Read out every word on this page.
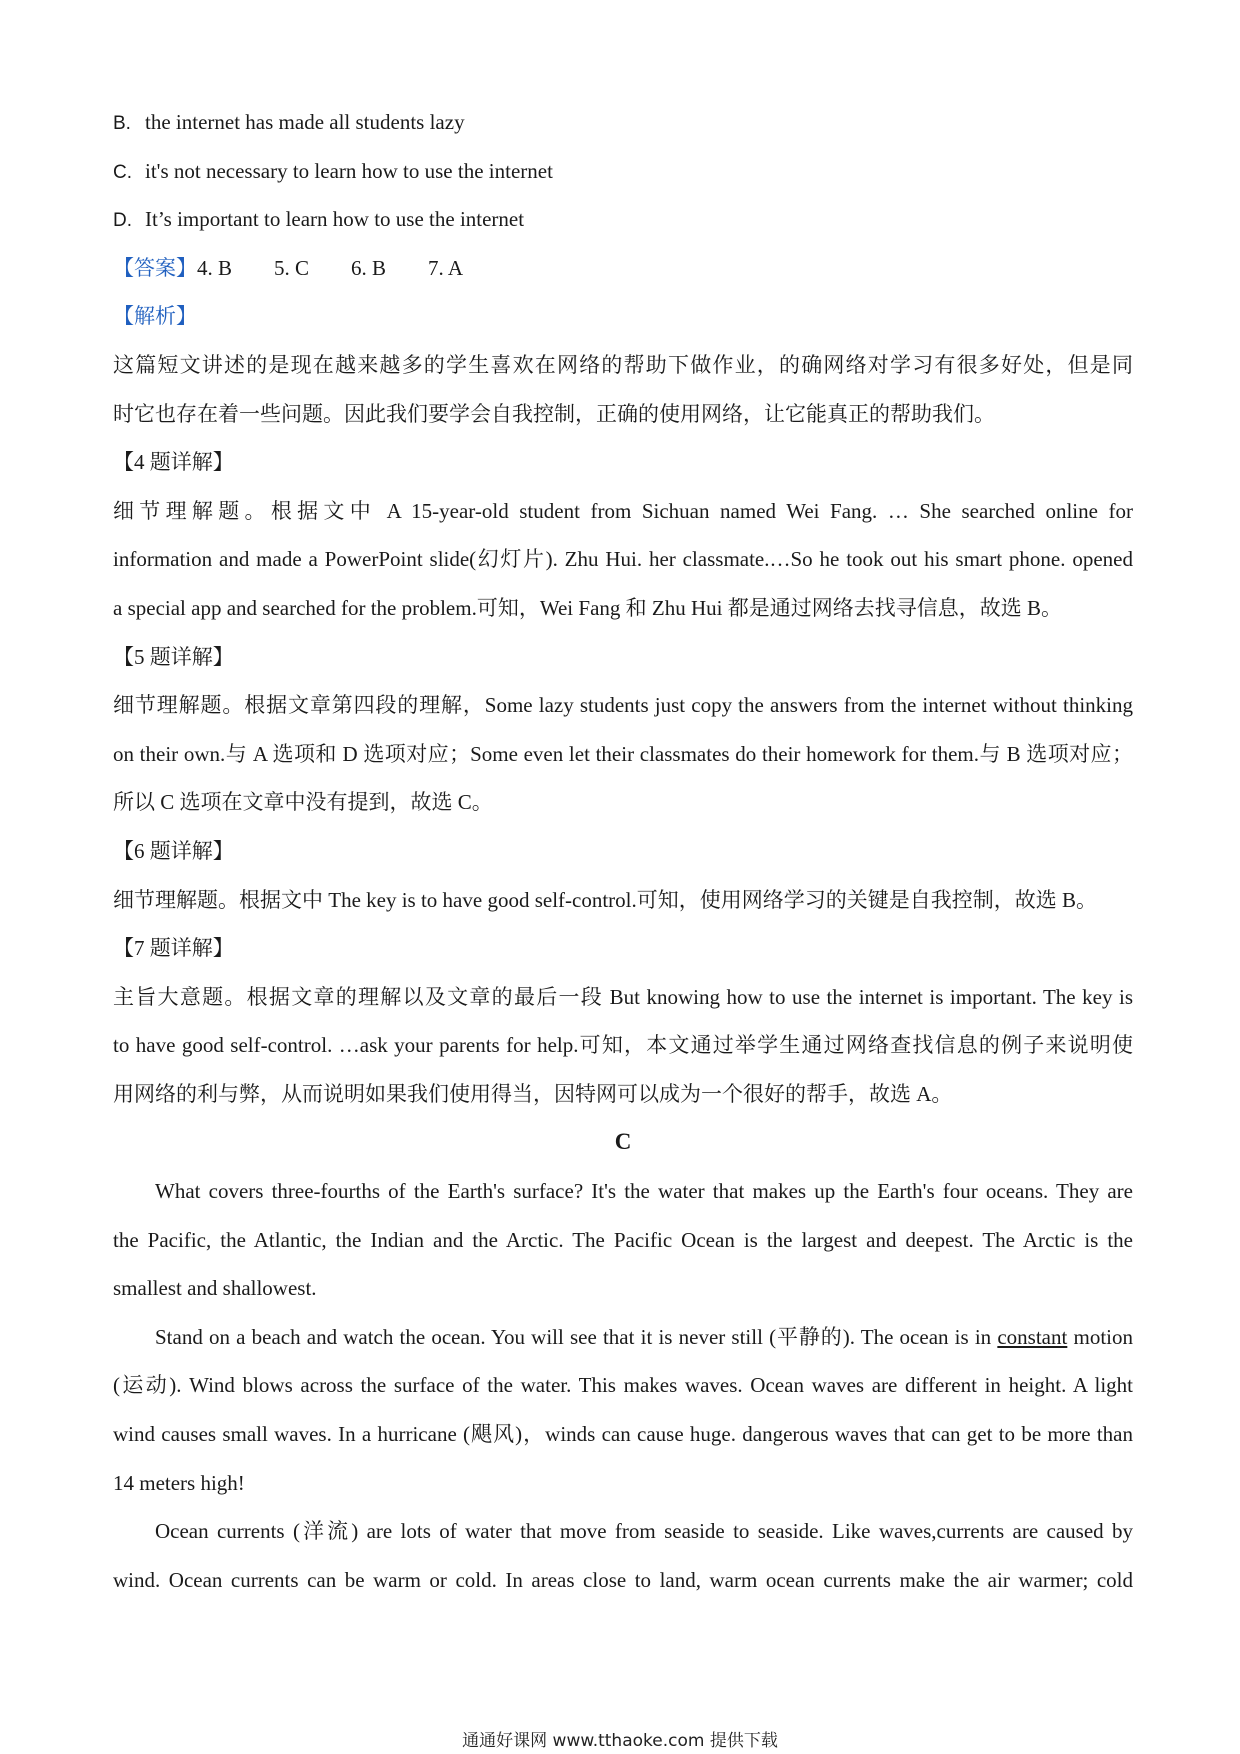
B. the internet has made all students lazy
C. it's not necessary to learn how to use the internet
D. It’s important to learn how to use the internet
【答案】4. B 5. C 6. B 7. A
【解析】
这篇短文讲述的是现在越来越多的学生喜欢在网络的帮助下做作业，的确网络对学习有很多好处，但是同
时它也存在着一些问题。因此我们要学会自我控制，正确的使用网络，让它能真正的帮助我们。
【4 题详解】
细节理解题。根据文中 A 15-year-old student from Sichuan named Wei Fang. … She searched online for
information and made a PowerPoint slide(幻灯片). Zhu Hui. her classmate.…So he took out his smart phone. opened
a special app and searched for the problem.可知，Wei Fang 和 Zhu Hui 都是通过网络去找寻信息，故选 B。
【5 题详解】
细节理解题。根据文章第四段的理解，Some lazy students just copy the answers from the internet without thinking
on their own.与 A 选项和 D 选项对应；Some even let their classmates do their homework for them.与 B 选项对应；
所以 C 选项在文章中没有提到，故选 C。
【6 题详解】
细节理解题。根据文中 The key is to have good self-control.可知，使用网络学习的关键是自我控制，故选 B。
【7 题详解】
主旨大意题。根据文章的理解以及文章的最后一段 But knowing how to use the internet is important. The key is
to have good self-control. …ask your parents for help.可知，本文通过举学生通过网络查找信息的例子来说明使
用网络的利与弊，从而说明如果我们使用得当，因特网可以成为一个很好的帮手，故选 A。
C
What covers three-fourths of the Earth's surface? It's the water that makes up the Earth's four oceans. They are
the Pacific, the Atlantic, the Indian and the Arctic. The Pacific Ocean is the largest and deepest. The Arctic is the
smallest and shallowest.
Stand on a beach and watch the ocean. You will see that it is never still (平静的). The ocean is in constant motion
(运动). Wind blows across the surface of the water. This makes waves. Ocean waves are different in height. A light
wind causes small waves. In a hurricane (飓风)，winds can cause huge. dangerous waves that can get to be more than
14 meters high!
Ocean currents (洋流) are lots of water that move from seaside to seaside. Like waves,currents are caused by
wind. Ocean currents can be warm or cold. In areas close to land, warm ocean currents make the air warmer; cold
通通好课网 www.tthaoke.com 提供下载
